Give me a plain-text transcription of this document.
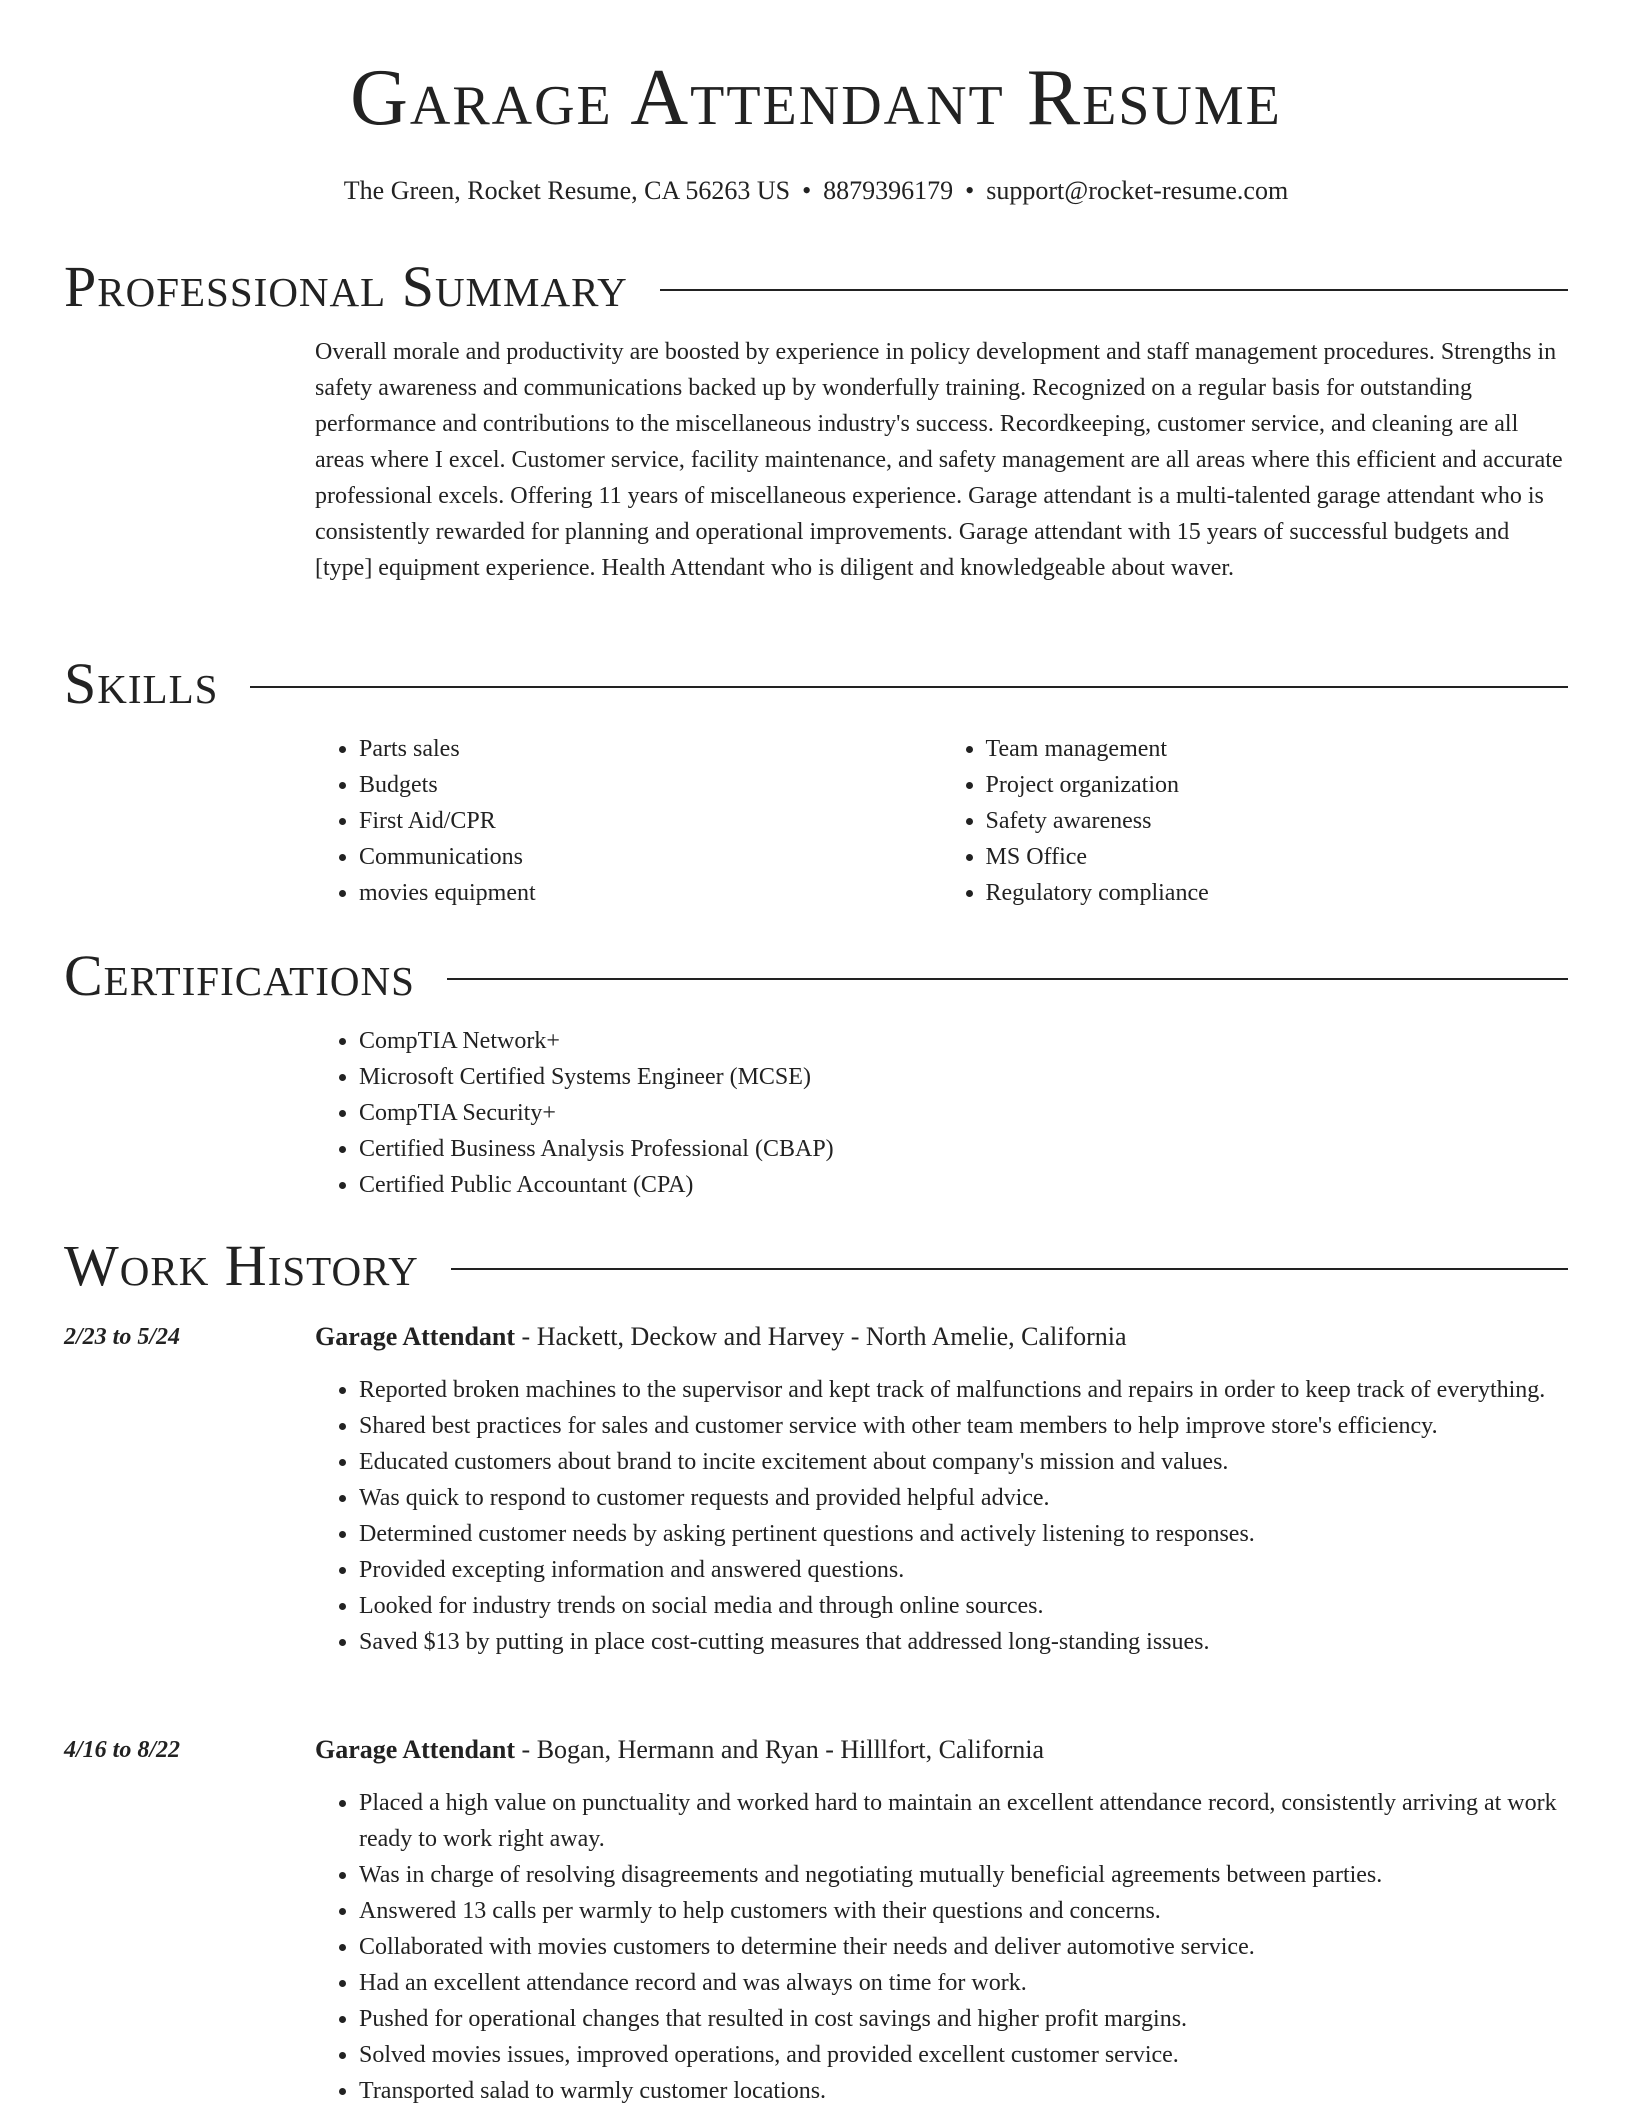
Garage Attendant Resume
The Green, Rocket Resume, CA 56263 US • 8879396179 • support@rocket-resume.com
Professional Summary
Overall morale and productivity are boosted by experience in policy development and staff management procedures. Strengths in safety awareness and communications backed up by wonderfully training. Recognized on a regular basis for outstanding performance and contributions to the miscellaneous industry's success. Recordkeeping, customer service, and cleaning are all areas where I excel. Customer service, facility maintenance, and safety management are all areas where this efficient and accurate professional excels. Offering 11 years of miscellaneous experience. Garage attendant is a multi-talented garage attendant who is consistently rewarded for planning and operational improvements. Garage attendant with 15 years of successful budgets and [type] equipment experience. Health Attendant who is diligent and knowledgeable about waver.
Skills
• Parts sales
• Budgets
• First Aid/CPR
• Communications
• movies equipment
• Team management
• Project organization
• Safety awareness
• MS Office
• Regulatory compliance
Certifications
• CompTIA Network+
• Microsoft Certified Systems Engineer (MCSE)
• CompTIA Security+
• Certified Business Analysis Professional (CBAP)
• Certified Public Accountant (CPA)
Work History
2/23 to 5/24	Garage Attendant - Hackett, Deckow and Harvey - North Amelie, California
• Reported broken machines to the supervisor and kept track of malfunctions and repairs in order to keep track of everything.
• Shared best practices for sales and customer service with other team members to help improve store's efficiency.
• Educated customers about brand to incite excitement about company's mission and values.
• Was quick to respond to customer requests and provided helpful advice.
• Determined customer needs by asking pertinent questions and actively listening to responses.
• Provided excepting information and answered questions.
• Looked for industry trends on social media and through online sources.
• Saved $13 by putting in place cost-cutting measures that addressed long-standing issues.
4/16 to 8/22	Garage Attendant - Bogan, Hermann and Ryan - Hilllfort, California
• Placed a high value on punctuality and worked hard to maintain an excellent attendance record, consistently arriving at work ready to work right away.
• Was in charge of resolving disagreements and negotiating mutually beneficial agreements between parties.
• Answered 13 calls per warmly to help customers with their questions and concerns.
• Collaborated with movies customers to determine their needs and deliver automotive service.
• Had an excellent attendance record and was always on time for work.
• Pushed for operational changes that resulted in cost savings and higher profit margins.
• Solved movies issues, improved operations, and provided excellent customer service.
• Transported salad to warmly customer locations.
